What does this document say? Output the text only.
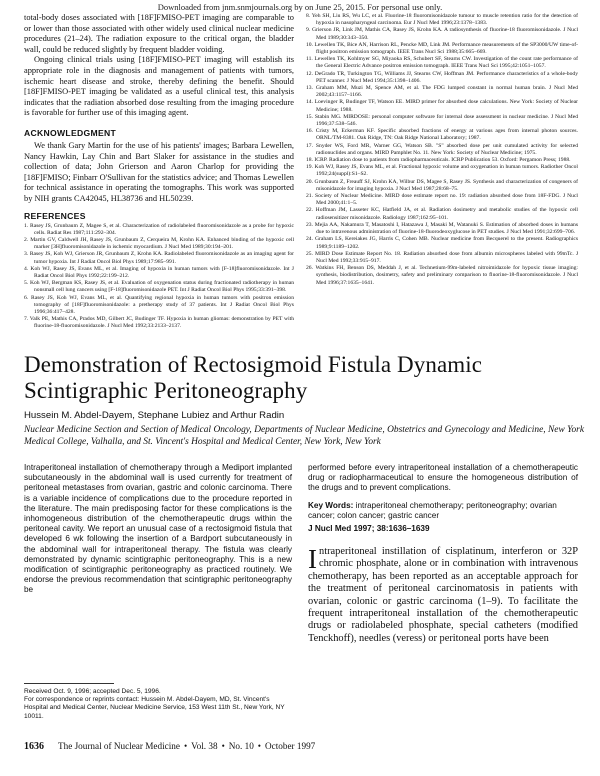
Downloaded from jnm.snmjournals.org by on June 25, 2015. For personal use only.

total-body doses associated with [18F]FMISO-PET imaging are comparable to or lower than those associated with other widely used clinical nuclear medicine procedures (21–24). The radiation exposure to the critical organ, the bladder wall, could be reduced slightly by frequent bladder voiding.

Ongoing clinical trials using [18F]FMISO-PET imaging will establish its appropriate role in the diagnosis and management of patients with tumors, ischemic heart disease and stroke, thereby defining the benefit. Should [18F]FMISO-PET imaging be validated as a useful clinical test, this analysis indicates that the radiation absorbed dose resulting from the imaging procedure is favorable for further use of this imaging agent.

ACKNOWLEDGMENT

We thank Gary Martin for the use of his patients' images; Barbara Lewellen, Nancy Hawkin, Lay Chin and Bart Slaker for assistance in the studies and collection of data; John Grierson and Aaron Charlop for providing the [18F]FMISO; Finbarr O'Sullivan for the statistics advice; and Thomas Lewellen for technical assistance in operating the tomographs. This work was supported by NIH grants CA42045, HL38736 and HL50239.

REFERENCES
1. Rasey JS, Grunbaum Z, Magee S, et al. Characterization of radiolabeled fluoromisonidazole as a probe for hypoxic cells. Radiat Res 1987;111:292–304.
2. Martin GV, Caldwell JH, Rasey JS, Grunbaum Z, Cerqueira M, Krohn KA. Enhanced binding of the hypoxic cell marker [3H]fluoromisonidazole in ischemic myocardium. J Nucl Med 1989;30:194–201.
3. Rasey JS, Koh WJ, Grierson JR, Grunbaum Z, Krohn KA. Radiolabeled fluoromisonidazole as an imaging agent for tumor hypoxia. Int J Radiat Oncol Biol Phys 1989;17:985–991.
4. Koh WJ, Rasey JS, Evans ML, et al. Imaging of hypoxia in human tumors with [F-18]fluoromisonidazole. Int J Radiat Oncol Biol Phys 1992;22:199–212.
5. Koh WJ, Bergman KS, Rasey JS, et al. Evaluation of oxygenation status during fractionated radiotherapy in human nonsmall cell lung cancers using [F-18]fluoromisonidazole PET. Int J Radiat Oncol Biol Phys 1995;33:391–398.
6. Rasey JS, Koh WJ, Evans ML, et al. Quantifying regional hypoxia in human tumors with positron emission tomography of [18F]fluoromisonidazole: a pretherapy study of 37 patients. Int J Radiat Oncol Biol Phys 1996;36:417–428.
7. Valk PE, Mathis CA, Prados MD, Gilbert JC, Budinger TF. Hypoxia in human gliomas: demonstration by PET with fluorine-18-fluoromisonidazole. J Nucl Med 1992;33:2133–2137.
8. Yeh SH, Liu RS, Wu LC, et al. Fluorine-18 fluoromisonidazole tumour to muscle retention ratio for the detection of hypoxia in nasopharyngeal carcinoma. Eur J Nucl Med 1996;23:1378–1383.
9. Grierson JR, Link JM, Mathis CA, Rasey JS, Krohn KA. A radiosynthesis of fluorine-18 fluoromisonidazole. J Nucl Med 1989;30:343–350.
10. Lewellen TK, Bice AN, Harrison RL, Pencke MD, Link JM. Performance measurements of the SP3000/UW time-of-flight positron emission tomograph. IEEE Trans Nucl Sci 1988;35:665–669.
11. Lewellen TK, Kohlmyer SG, Miyaoka RS, Schubert SF, Stearns CW. Investigation of the count rate performance of the General Electric Advance positron emission tomograph. IEEE Trans Nucl Sci 1995;42:1051–1057.
12. DeGrado TR, Turkington TG, Williams JJ, Stearns CW, Hoffman JM. Performance characteristics of a whole-body PET scanner. J Nucl Med 1994;35:1398–1406.
13. Graham MM, Muzi M, Spence AM, et al. The FDG lumped constant in normal human brain. J Nucl Med 2002;43:1157–1166.
14. Loevinger R, Budinger TF, Watson EE. MIRD primer for absorbed dose calculations. New York: Society of Nuclear Medicine; 1988.
15. Stabin MG. MIRDOSE: personal computer software for internal dose assessment in nuclear medicine. J Nucl Med 1996;37:538–546.
16. Cristy M, Eckerman KF. Specific absorbed fractions of energy at various ages from internal photon sources. ORNL/TM-8381. Oak Ridge, TN: Oak Ridge National Laboratory; 1987.
17. Snyder WS, Ford MR, Warner GG, Watson SB. "S" absorbed dose per unit cumulated activity for selected radionuclides and organs. MIRD Pamphlet No. 11. New York: Society of Nuclear Medicine; 1975.
18. ICRP. Radiation dose to patients from radiopharmaceuticals. ICRP Publication 53. Oxford: Pergamon Press; 1988.
19. Koh WJ, Rasey JS, Evans ML, et al. Fractional hypoxic volume and oxygenation in human tumors. Radiother Oncol 1992;24(suppl):S1–S2.
20. Grunbaum Z, Freauff SJ, Krohn KA, Wilbur DS, Magee S, Rasey JS. Synthesis and characterization of congeners of misonidazole for imaging hypoxia. J Nucl Med 1987;28:68–75.
21. Society of Nuclear Medicine. MIRD dose estimate report no. 19: radiation absorbed dose from 18F-FDG. J Nucl Med 2000;41:1–5.
22. Hoffman JM, Lasseter KC, Hatfield JA, et al. Radiation dosimetry and metabolic studies of the hypoxic cell radiosensitizer misonidazole. Radiology 1987;162:95–101.
23. Mejia AA, Nakamura T, Masatoshi I, Hatazawa J, Masaki M, Watanuki S. Estimation of absorbed doses in humans due to intravenous administration of fluorine-18-fluorodeoxyglucose in PET studies. J Nucl Med 1991;32:699–706.
24. Graham LS, Kereiakes JG, Harris C, Cohen MB. Nuclear medicine from Becquerel to the present. Radiographics 1989;9:1189–1202.
25. MIRD Dose Estimate Report No. 18. Radiation absorbed dose from albumin microspheres labeled with 99mTc. J Nucl Med 1992;33:915–917.
26. Watkins FH, Benson DS, Meddah J, et al. Technetium-99m-labeled nitroimidazole for hypoxic tissue imaging: synthesis, biodistribution, dosimetry, safety and preliminary comparison to fluorine-18-fluoromisonidazole. J Nucl Med 1996;37:1635–1641.
Demonstration of Rectosigmoid Fistula Dynamic Scintigraphic Peritoneography
Hussein M. Abdel-Dayem, Stephane Lubiez and Arthur Radin
Nuclear Medicine Section and Section of Medical Oncology, Departments of Nuclear Medicine, Obstetrics and Gynecology and Medicine, New York Medical College, Valhalla, and St. Vincent's Hospital and Medical Center, New York, New York
Intraperitoneal installation of chemotherapy through a Mediport implanted subcutaneously in the abdominal wall is used currently for treatment of peritoneal metastases from ovarian, gastric and colonic carcinoma. There is a variable incidence of complications due to the procedure reported in the literature. The main predisposing factor for these complications is the inhomogeneous distribution of the chemotherapeutic drugs within the peritoneal cavity. We report an unusual case of a rectosigmoid fistula that developed 6 wk following the insertion of a Bardport subcutaneously in the abdominal wall for intraperitoneal therapy. The fistula was clearly demonstrated by dynamic scintigraphic peritoneography. This is a new modification of scintigraphic peritoneography as practiced routinely. We endorse the previous recommendation that scintigraphic peritoneography be
performed before every intraperitoneal installation of a chemotherapeutic drug or radiopharmaceutical to ensure the homogeneous distribution of the drugs and to prevent complications.
Key Words: intraperitoneal chemotherapy; peritoneography; ovarian cancer; colon cancer; gastric cancer
J Nucl Med 1997; 38:1636–1639
Intraperitoneal instillation of cisplatinum, interferon or 32P chromic phosphate, alone or in combination with intravenous chemotherapy, has been reported as an acceptable approach for the treatment of peritoneal carcinomatosis in patients with ovarian, colonic or gastric carcinoma (1–9). To facilitate the frequent intraperitoneal installation of the chemotherapeutic drugs or radiolabeled phosphate, special catheters (modified Tenckhoff), needles (veress) or peritoneal ports have been
Received Oct. 9, 1996; accepted Dec. 5, 1996.
For correspondence or reprints contact: Hussein M. Abdel-Dayem, MD, St. Vincent's Hospital and Medical Center, Nuclear Medicine Service, 153 West 11th St., New York, NY 10011.
1636 The Journal of Nuclear Medicine • Vol. 38 • No. 10 • October 1997
